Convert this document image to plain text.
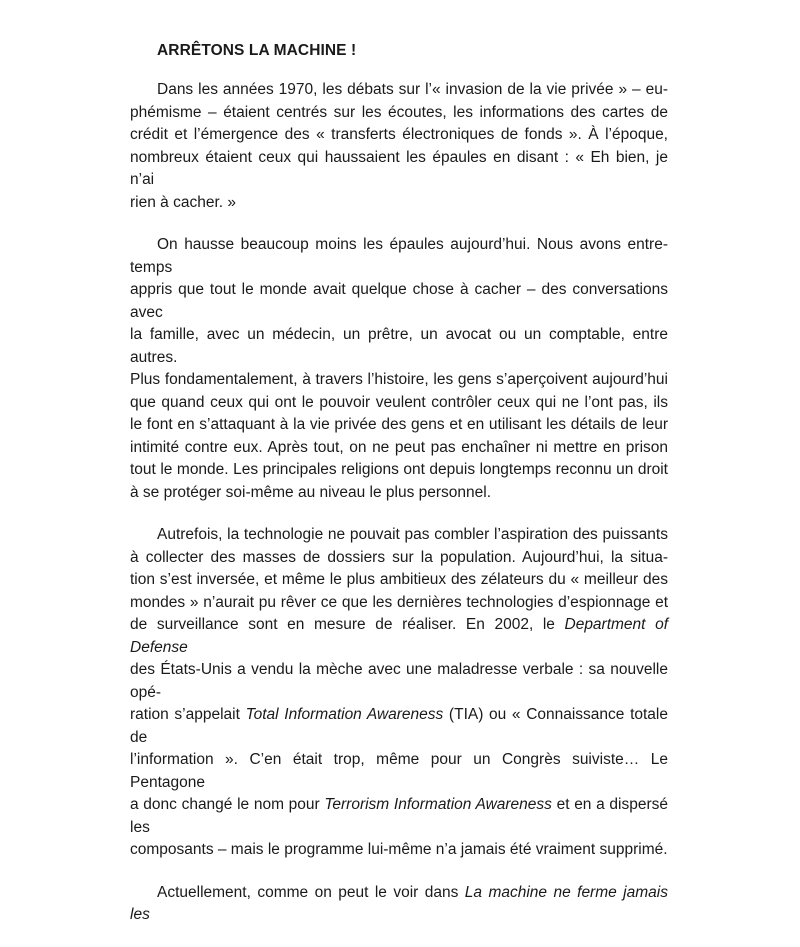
ARRÊTONS LA MACHINE !
Dans les années 1970, les débats sur l’« invasion de la vie privée » – eu-
phémisme – étaient centrés sur les écoutes, les informations des cartes de
crédit et l’émergence des « transferts électroniques de fonds ». À l’époque,
nombreux étaient ceux qui haussaient les épaules en disant : « Eh bien, je n’ai
rien à cacher. »
On hausse beaucoup moins les épaules aujourd’hui. Nous avons entre-temps
appris que tout le monde avait quelque chose à cacher – des conversations avec
la famille, avec un médecin, un prêtre, un avocat ou un comptable, entre autres.
Plus fondamentalement, à travers l’histoire, les gens s’aperçoivent aujourd’hui
que quand ceux qui ont le pouvoir veulent contrôler ceux qui ne l’ont pas, ils
le font en s’attaquant à la vie privée des gens et en utilisant les détails de leur
intimité contre eux. Après tout, on ne peut pas enchaîner ni mettre en prison
tout le monde. Les principales religions ont depuis longtemps reconnu un droit
à se protéger soi-même au niveau le plus personnel.
Autrefois, la technologie ne pouvait pas combler l’aspiration des puissants
à collecter des masses de dossiers sur la population. Aujourd’hui, la situa-
tion s’est inversée, et même le plus ambitieux des zélateurs du « meilleur des
mondes » n’aurait pu rêver ce que les dernières technologies d’espionnage et
de surveillance sont en mesure de réaliser. En 2002, le Department of Defense
des États-Unis a vendu la mèche avec une maladresse verbale : sa nouvelle opé-
ration s’appelait Total Information Awareness (TIA) ou « Connaissance totale de
l’information ». C’en était trop, même pour un Congrès suiviste… Le Pentagone
a donc changé le nom pour Terrorism Information Awareness et en a dispersé les
composants – mais le programme lui-même n’a jamais été vraiment supprimé.
Actuellement, comme on peut le voir dans La machine ne ferme jamais les
